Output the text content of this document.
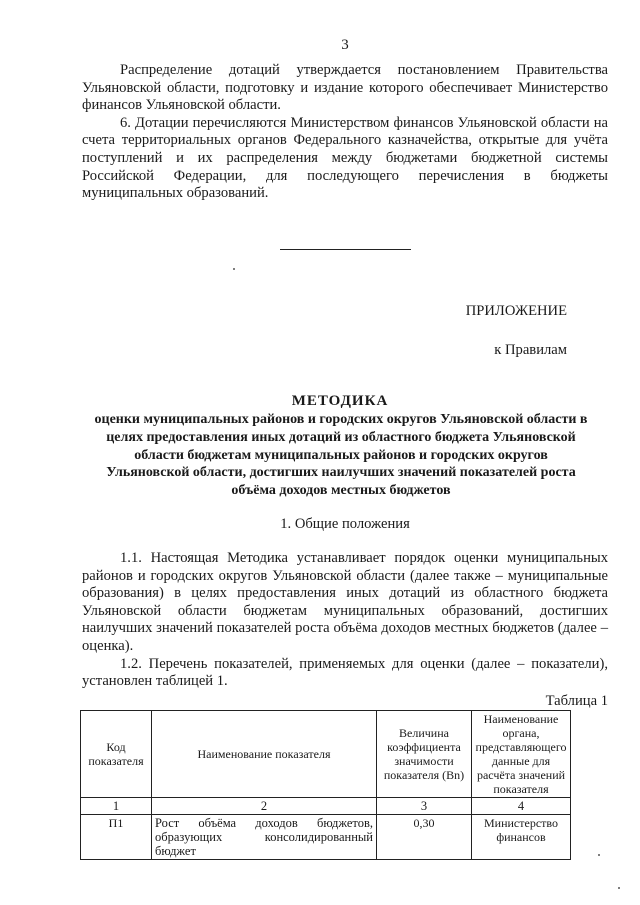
3

Распределение дотаций утверждается постановлением Правительства Ульяновской области, подготовку и издание которого обеспечивает Министерство финансов Ульяновской области.

6. Дотации перечисляются Министерством финансов Ульяновской области на счета территориальных органов Федерального казначейства, открытые для учёта поступлений и их распределения между бюджетами бюджетной системы Российской Федерации, для последующего перечисления в бюджеты муниципальных образований.

ПРИЛОЖЕНИЕ
к Правилам
МЕТОДИКА
оценки муниципальных районов и городских округов Ульяновской области в целях предоставления иных дотаций из областного бюджета Ульяновской области бюджетам муниципальных районов и городских округов Ульяновской области, достигших наилучших значений показателей роста объёма доходов местных бюджетов
1. Общие положения

1.1. Настоящая Методика устанавливает порядок оценки муниципальных районов и городских округов Ульяновской области (далее также – муниципальные образования) в целях предоставления иных дотаций из областного бюджета Ульяновской области бюджетам муниципальных образований, достигших наилучших значений показателей роста объёма доходов местных бюджетов (далее – оценка).

1.2. Перечень показателей, применяемых для оценки (далее – показатели), установлен таблицей 1.

Таблица 1
Код показателя	Наименование показателя	Величина коэффициента значимости показателя (Вn)	Наименование органа, представляющего данные для расчёта значений показателя
1	2	3	4
П1	Рост объёма доходов бюджетов, образующих консолидированный бюджет	0,30	Министерство финансов
